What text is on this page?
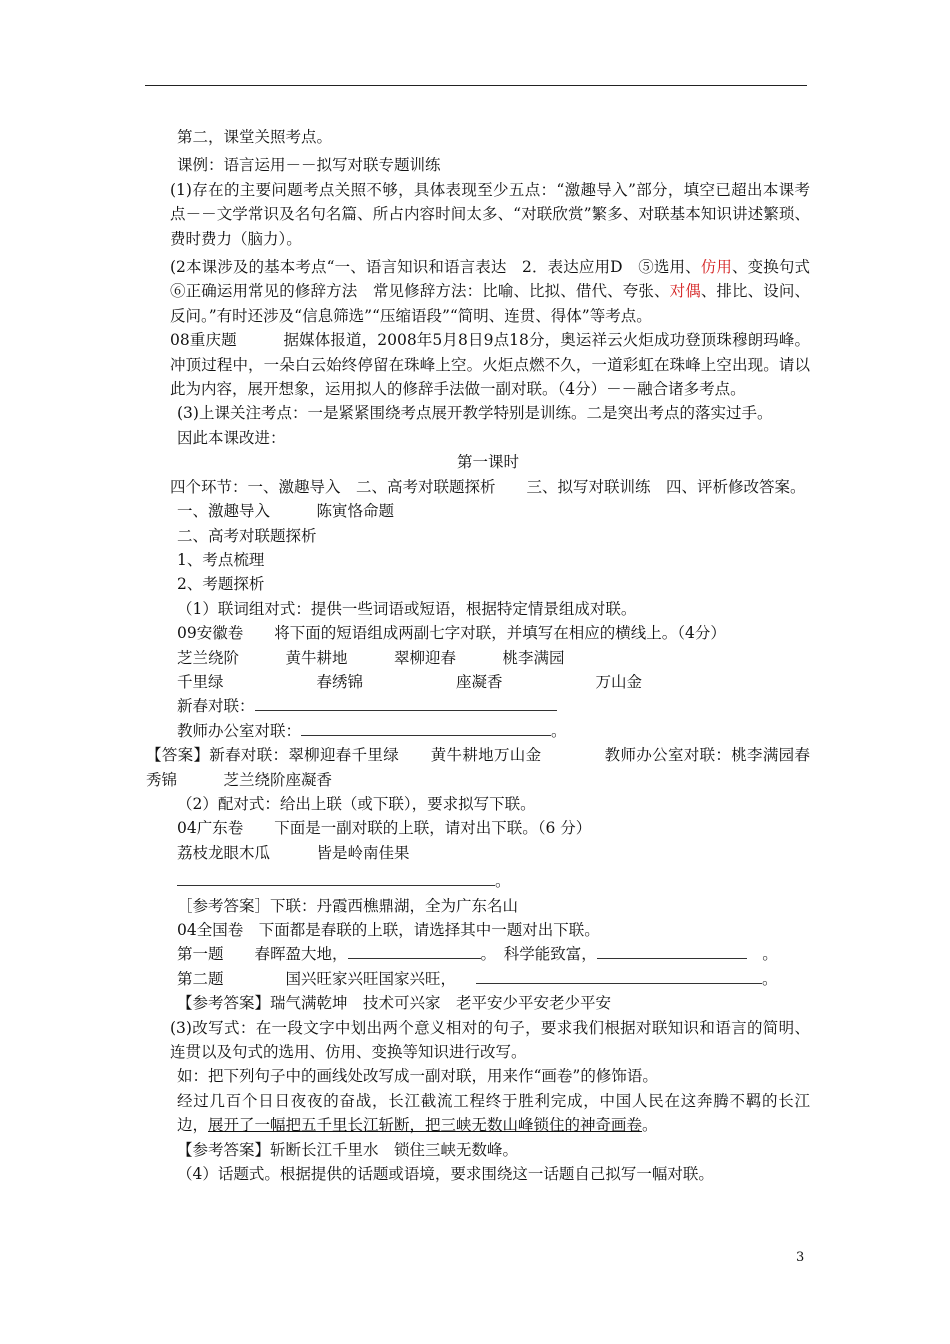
第二，课堂关照考点。

课例：语言运用－－拟写对联专题训练

(1)存在的主要问题考点关照不够，具体表现至少五点：“激趣导入”部分，填空已超出本课考点－－文学常识及名句名篇、所占内容时间太多、“对联欣赏”繁多、对联基本知识讲述繁琐、费时费力（脑力）。

(2本课涉及的基本考点“一、语言知识和语言表达　2．表达应用D　⑤选用、仿用、变换句式　⑥正确运用常见的修辞方法　常见修辞方法：比喻、比拟、借代、夸张、对偶、排比、设问、反问。”有时还涉及“信息筛选”“压缩语段”“简明、连贯、得体”等考点。

08重庆题　　　据媒体报道，2008年5月8日9点18分，奥运祥云火炬成功登顶珠穆朗玛峰。冲顶过程中，一朵白云始终停留在珠峰上空。火炬点燃不久，一道彩虹在珠峰上空出现。请以此为内容，展开想象，运用拟人的修辞手法做一副对联。（4分）－－融合诸多考点。

(3)上课关注考点：一是紧紧围绕考点展开教学特别是训练。二是突出考点的落实过手。

因此本课改进：

第一课时

四个环节：一、激趣导入　二、高考对联题探析　　三、拟写对联训练　四、评析修改答案。

一、激趣导入　　　陈寅恪命题

二、高考对联题探析

1、考点梳理

2、考题探析

（1）联词组对式：提供一些词语或短语，根据特定情景组成对联。

09安徽卷　　将下面的短语组成两副七字对联，并填写在相应的横线上。（4分）

芝兰绕阶　　　黄牛耕地　　　翠柳迎春　　　桃李满园

千里绿　　　　　　春绣锦　　　　　　座凝香　　　　　　万山金

新春对联：

教师办公室对联：	。

【答案】新春对联：翠柳迎春千里绿　　黄牛耕地万山金　　　　教师办公室对联：桃李满园春秀锦　　　芝兰绕阶座凝香

（2）配对式：给出上联（或下联），要求拟写下联。

04广东卷　　下面是一副对联的上联，请对出下联。（6 分）

荔枝龙眼木瓜　　　皆是岭南佳果

。

［参考答案］下联：丹霞西樵鼎湖，全为广东名山

04全国卷　下面都是春联的上联，请选择其中一题对出下联。

第一题　　春晖盈大地，	。　科学能致富，	　。

第二题　　　　国兴旺家兴旺国家兴旺，	。

【参考答案】瑞气满乾坤　技术可兴家　老平安少平安老少平安

(3)改写式：在一段文字中划出两个意义相对的句子，要求我们根据对联知识和语言的简明、连贯以及句式的选用、仿用、变换等知识进行改写。

如：把下列句子中的画线处改写成一副对联，用来作“画卷”的修饰语。

经过几百个日日夜夜的奋战，长江截流工程终于胜利完成，中国人民在这奔腾不羁的长江边，展开了一幅把五千里长江斩断，把三峡无数山峰锁住的神奇画卷。

【参考答案】斩断长江千里水　锁住三峡无数峰。

（4）话题式。根据提供的话题或语境，要求围绕这一话题自己拟写一幅对联。

3
